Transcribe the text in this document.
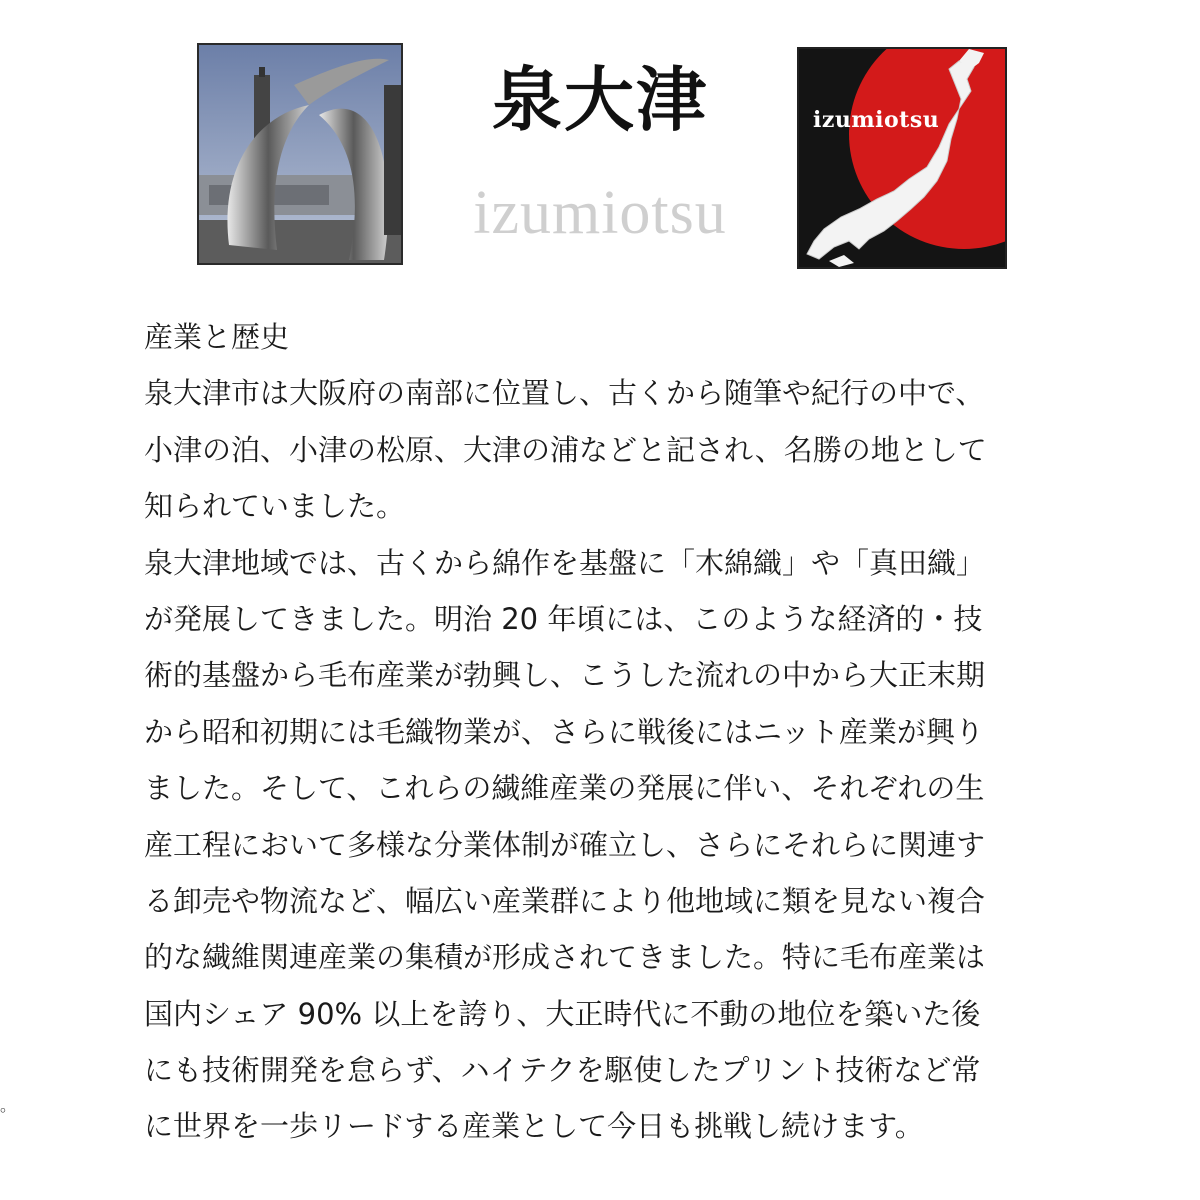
泉大津
izumiotsu
izumiotsu
産業と歴史
泉大津市は大阪府の南部に位置し、古くから随筆や紀行の中で、
小津の泊、小津の松原、大津の浦などと記され、名勝の地として
知られていました。
泉大津地域では、古くから綿作を基盤に「木綿織」や「真田織」
が発展してきました。明治 20 年頃には、このような経済的・技
術的基盤から毛布産業が勃興し、こうした流れの中から大正末期
から昭和初期には毛織物業が、さらに戦後にはニット産業が興り
ました。そして、これらの繊維産業の発展に伴い、それぞれの生
産工程において多様な分業体制が確立し、さらにそれらに関連す
る卸売や物流など、幅広い産業群により他地域に類を見ない複合
的な繊維関連産業の集積が形成されてきました。特に毛布産業は
国内シェア 90% 以上を誇り、大正時代に不動の地位を築いた後
にも技術開発を怠らず、ハイテクを駆使したプリント技術など常
に世界を一歩リードする産業として今日も挑戦し続けます。
。
